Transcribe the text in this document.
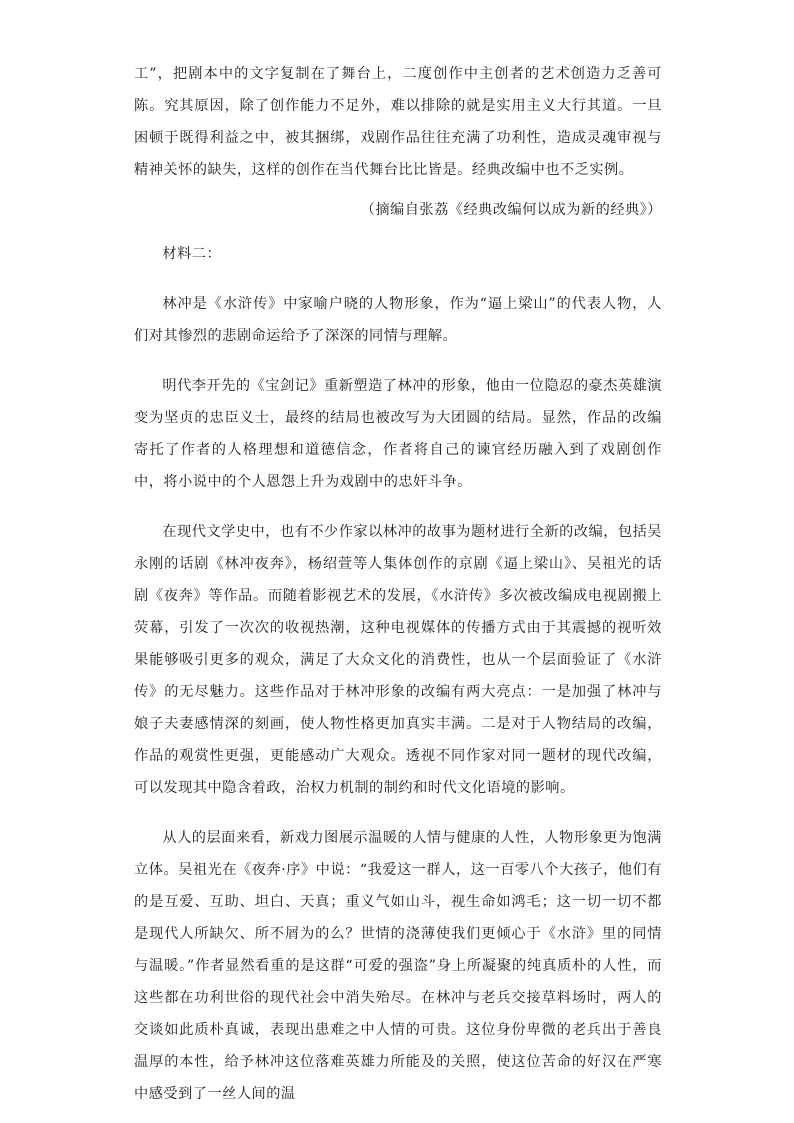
工”，把剧本中的文字复制在了舞台上，二度创作中主创者的艺术创造力乏善可陈。究其原因，除了创作能力不足外，难以排除的就是实用主义大行其道。一旦困顿于既得利益之中，被其捆绑，戏剧作品往往充满了功利性，造成灵魂审视与精神关怀的缺失，这样的创作在当代舞台比比皆是。经典改编中也不乏实例。

（摘编自张荔《经典改编何以成为新的经典》）

材料二：

林冲是《水浒传》中家喻户晓的人物形象，作为“逼上梁山”的代表人物，人们对其惨烈的悲剧命运给予了深深的同情与理解。

明代李开先的《宝剑记》重新塑造了林冲的形象，他由一位隐忍的豪杰英雄演变为坚贞的忠臣义士，最终的结局也被改写为大团圆的结局。显然，作品的改编寄托了作者的人格理想和道德信念，作者将自己的谏官经历融入到了戏剧创作中，将小说中的个人恩怨上升为戏剧中的忠奸斗争。

在现代文学史中，也有不少作家以林冲的故事为题材进行全新的改编，包括吴永刚的话剧《林冲夜奔》，杨绍萱等人集体创作的京剧《逼上梁山》、吴祖光的话剧《夜奔》等作品。而随着影视艺术的发展，《水浒传》多次被改编成电视剧搬上荧幕，引发了一次次的收视热潮，这种电视媒体的传播方式由于其震撼的视听效果能够吸引更多的观众，满足了大众文化的消费性，也从一个层面验证了《水浒传》的无尽魅力。这些作品对于林冲形象的改编有两大亮点：一是加强了林冲与娘子夫妻感情深的刻画，使人物性格更加真实丰满。二是对于人物结局的改编，作品的观赏性更强，更能感动广大观众。透视不同作家对同一题材的现代改编，可以发现其中隐含着政，治权力机制的制约和时代文化语境的影响。

从人的层面来看，新戏力图展示温暖的人情与健康的人性，人物形象更为饱满立体。吴祖光在《夜奔·序》中说：“我爱这一群人，这一百零八个大孩子，他们有的是互爱、互助、坦白、天真；重义气如山斗，视生命如鸿毛；这一切一切不都是现代人所缺欠、所不屑为的么？世情的浇薄使我们更倾心于《水浒》里的同情与温暖。”作者显然看重的是这群“可爱的强盗”身上所凝聚的纯真质朴的人性，而这些都在功利世俗的现代社会中消失殆尽。在林冲与老兵交接草料场时，两人的交谈如此质朴真诚，表现出患难之中人情的可贵。这位身份卑微的老兵出于善良温厚的本性，给予林冲这位落难英雄力所能及的关照，使这位苦命的好汉在严寒中感受到了一丝人间的温
